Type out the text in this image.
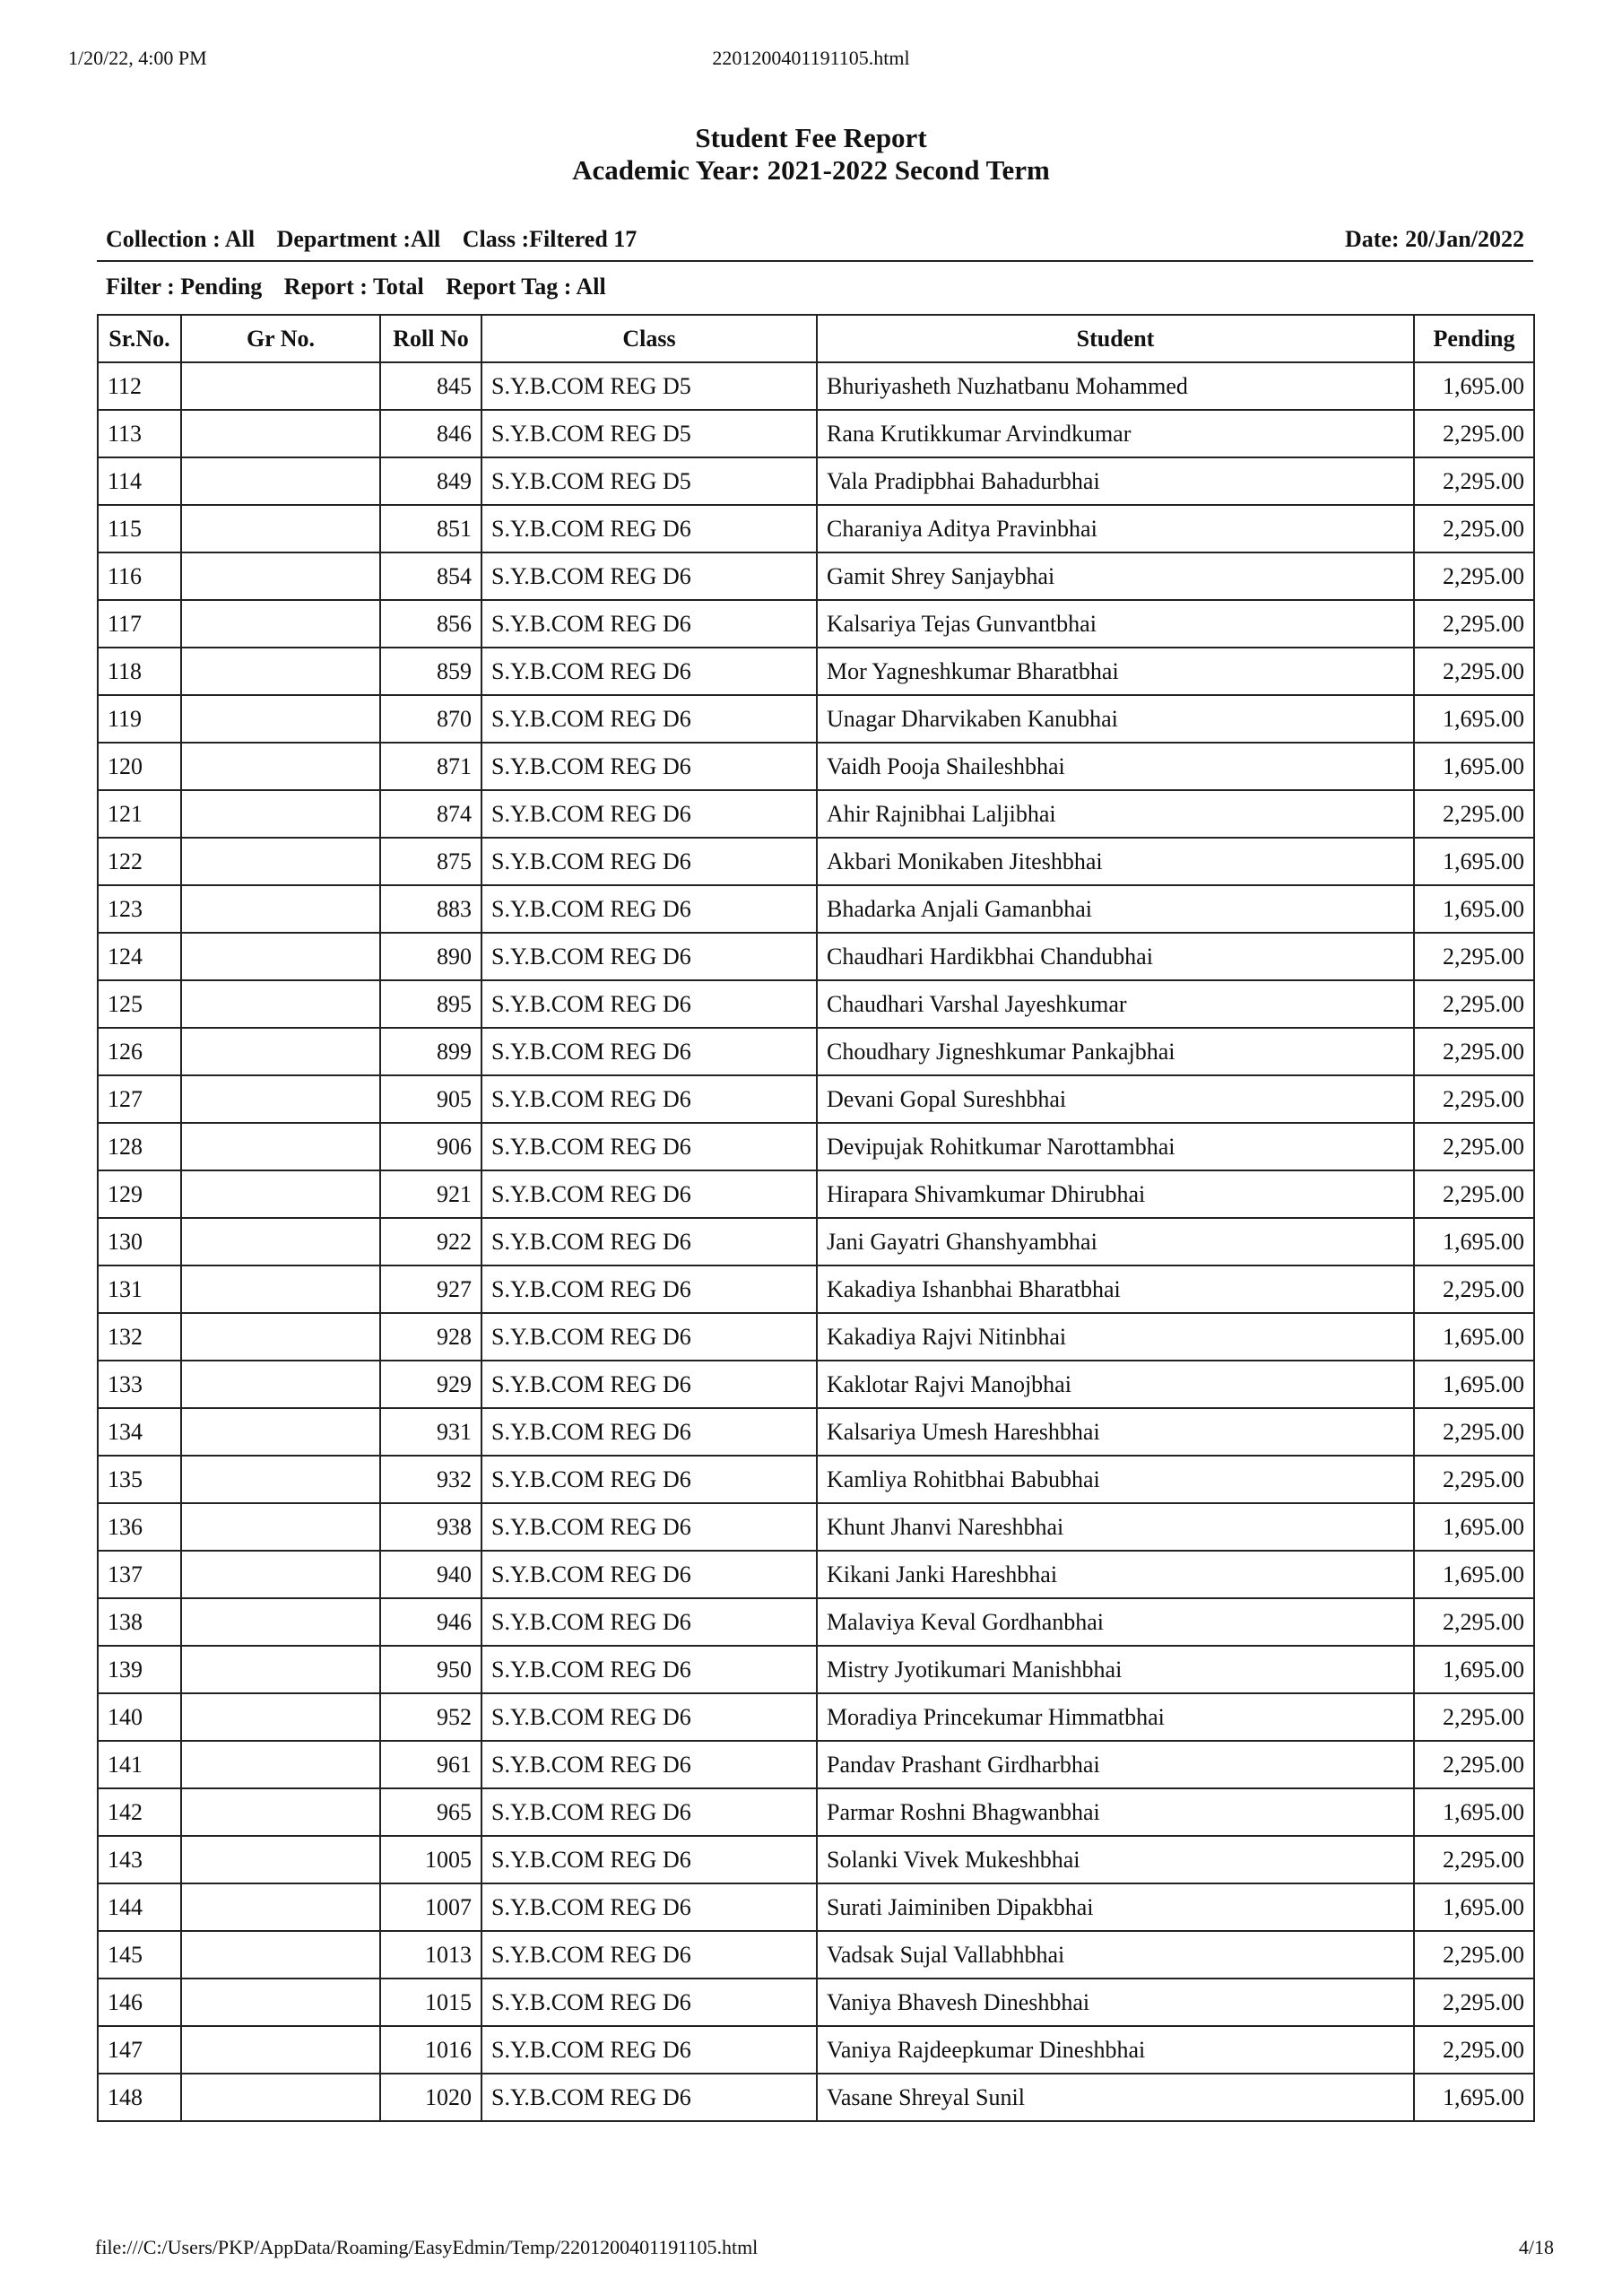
1/20/22, 4:00 PM	2201200401191105.html
Student Fee Report
Academic Year: 2021-2022 Second Term
Collection : All Department :All Class :Filtered 17	Date: 20/Jan/2022
Filter : Pending Report : Total Report Tag : All
Sr.No.	Gr No.	Roll No	Class	Student	Pending
112		845	S.Y.B.COM REG D5	Bhuriyasheth Nuzhatbanu Mohammed	1,695.00
113		846	S.Y.B.COM REG D5	Rana Krutikkumar Arvindkumar	2,295.00
114		849	S.Y.B.COM REG D5	Vala Pradipbhai Bahadurbhai	2,295.00
115		851	S.Y.B.COM REG D6	Charaniya Aditya Pravinbhai	2,295.00
116		854	S.Y.B.COM REG D6	Gamit Shrey Sanjaybhai	2,295.00
117		856	S.Y.B.COM REG D6	Kalsariya Tejas Gunvantbhai	2,295.00
118		859	S.Y.B.COM REG D6	Mor Yagneshkumar Bharatbhai	2,295.00
119		870	S.Y.B.COM REG D6	Unagar Dharvikaben Kanubhai	1,695.00
120		871	S.Y.B.COM REG D6	Vaidh Pooja Shaileshbhai	1,695.00
121		874	S.Y.B.COM REG D6	Ahir Rajnibhai Laljibhai	2,295.00
122		875	S.Y.B.COM REG D6	Akbari Monikaben Jiteshbhai	1,695.00
123		883	S.Y.B.COM REG D6	Bhadarka Anjali Gamanbhai	1,695.00
124		890	S.Y.B.COM REG D6	Chaudhari Hardikbhai Chandubhai	2,295.00
125		895	S.Y.B.COM REG D6	Chaudhari Varshal Jayeshkumar	2,295.00
126		899	S.Y.B.COM REG D6	Choudhary Jigneshkumar Pankajbhai	2,295.00
127		905	S.Y.B.COM REG D6	Devani Gopal Sureshbhai	2,295.00
128		906	S.Y.B.COM REG D6	Devipujak Rohitkumar Narottambhai	2,295.00
129		921	S.Y.B.COM REG D6	Hirapara Shivamkumar Dhirubhai	2,295.00
130		922	S.Y.B.COM REG D6	Jani Gayatri Ghanshyambhai	1,695.00
131		927	S.Y.B.COM REG D6	Kakadiya Ishanbhai Bharatbhai	2,295.00
132		928	S.Y.B.COM REG D6	Kakadiya Rajvi Nitinbhai	1,695.00
133		929	S.Y.B.COM REG D6	Kaklotar Rajvi Manojbhai	1,695.00
134		931	S.Y.B.COM REG D6	Kalsariya Umesh Hareshbhai	2,295.00
135		932	S.Y.B.COM REG D6	Kamliya Rohitbhai Babubhai	2,295.00
136		938	S.Y.B.COM REG D6	Khunt Jhanvi Nareshbhai	1,695.00
137		940	S.Y.B.COM REG D6	Kikani Janki Hareshbhai	1,695.00
138		946	S.Y.B.COM REG D6	Malaviya Keval Gordhanbhai	2,295.00
139		950	S.Y.B.COM REG D6	Mistry Jyotikumari Manishbhai	1,695.00
140		952	S.Y.B.COM REG D6	Moradiya Princekumar Himmatbhai	2,295.00
141		961	S.Y.B.COM REG D6	Pandav Prashant Girdharbhai	2,295.00
142		965	S.Y.B.COM REG D6	Parmar Roshni Bhagwanbhai	1,695.00
143		1005	S.Y.B.COM REG D6	Solanki Vivek Mukeshbhai	2,295.00
144		1007	S.Y.B.COM REG D6	Surati Jaiminiben Dipakbhai	1,695.00
145		1013	S.Y.B.COM REG D6	Vadsak Sujal Vallabhbhai	2,295.00
146		1015	S.Y.B.COM REG D6	Vaniya Bhavesh Dineshbhai	2,295.00
147		1016	S.Y.B.COM REG D6	Vaniya Rajdeepkumar Dineshbhai	2,295.00
148		1020	S.Y.B.COM REG D6	Vasane Shreyal Sunil	1,695.00
file:///C:/Users/PKP/AppData/Roaming/EasyEdmin/Temp/2201200401191105.html	4/18
